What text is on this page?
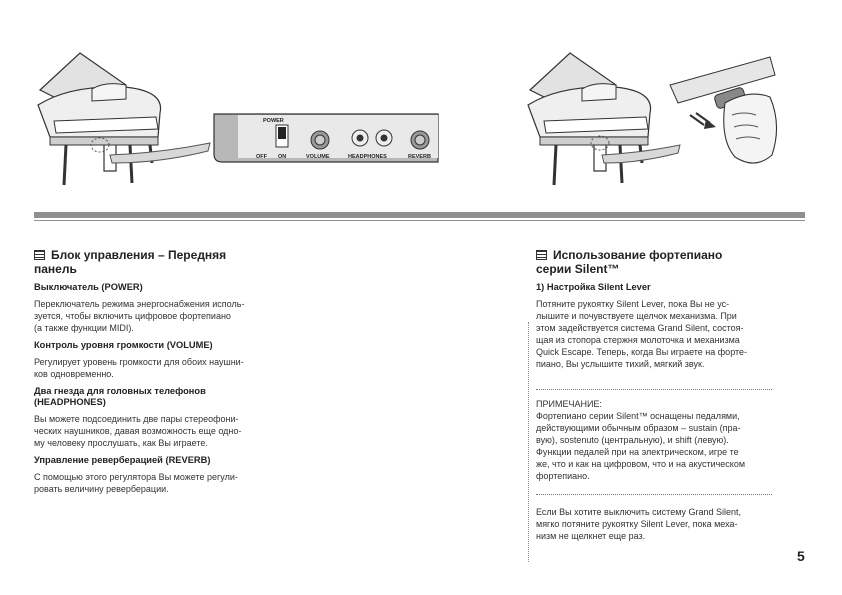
POWER
OFF ON	VOLUME	HEADPHONES	REVERB
Блок управления – Передняя
панель
Выключатель (POWER)
Переключатель режима энергоснабжения исполь-
зуется, чтобы включить цифровое фортепиано
(а также функции MIDI).
Контроль уровня громкости (VOLUME)
Регулирует уровень громкости для обоих наушни-
ков одновременно.
Два гнезда для головных телефонов
(HEADPHONES)
Вы можете подсоединить две пары стереофони-
ческих наушников, давая возможность еще одно-
му человеку прослушать, как Вы играете.
Управление реверберацией (REVERB)
С помощью этого регулятора Вы можете регули-
ровать величину реверберации.
Использование фортепиано
серии Silent™
1) Настройка Silent Lever
Потяните рукоятку Silent Lever, пока Вы не ус-
лышите и почувствуете щелчок механизма. При
этом задействуется система Grand Silent, состоя-
щая из стопора стержня молоточка и механизма
Quick Escape. Теперь, когда Вы играете на форте-
пиано, Вы услышите тихий, мягкий звук.
ПРИМЕЧАНИЕ:
Фортепиано серии Silent™ оснащены педалями,
действующими обычным образом – sustain (пра-
вую), sostenuto (центральную), и shift (левую).
Функции педалей при на электрическом, игре те
же, что и как на цифровом, что и на акустическом
фортепиано.
Если Вы хотите выключить систему Grand Silent,
мягко потяните рукоятку Silent Lever, пока меха-
низм не щелкнет еще раз.
5
